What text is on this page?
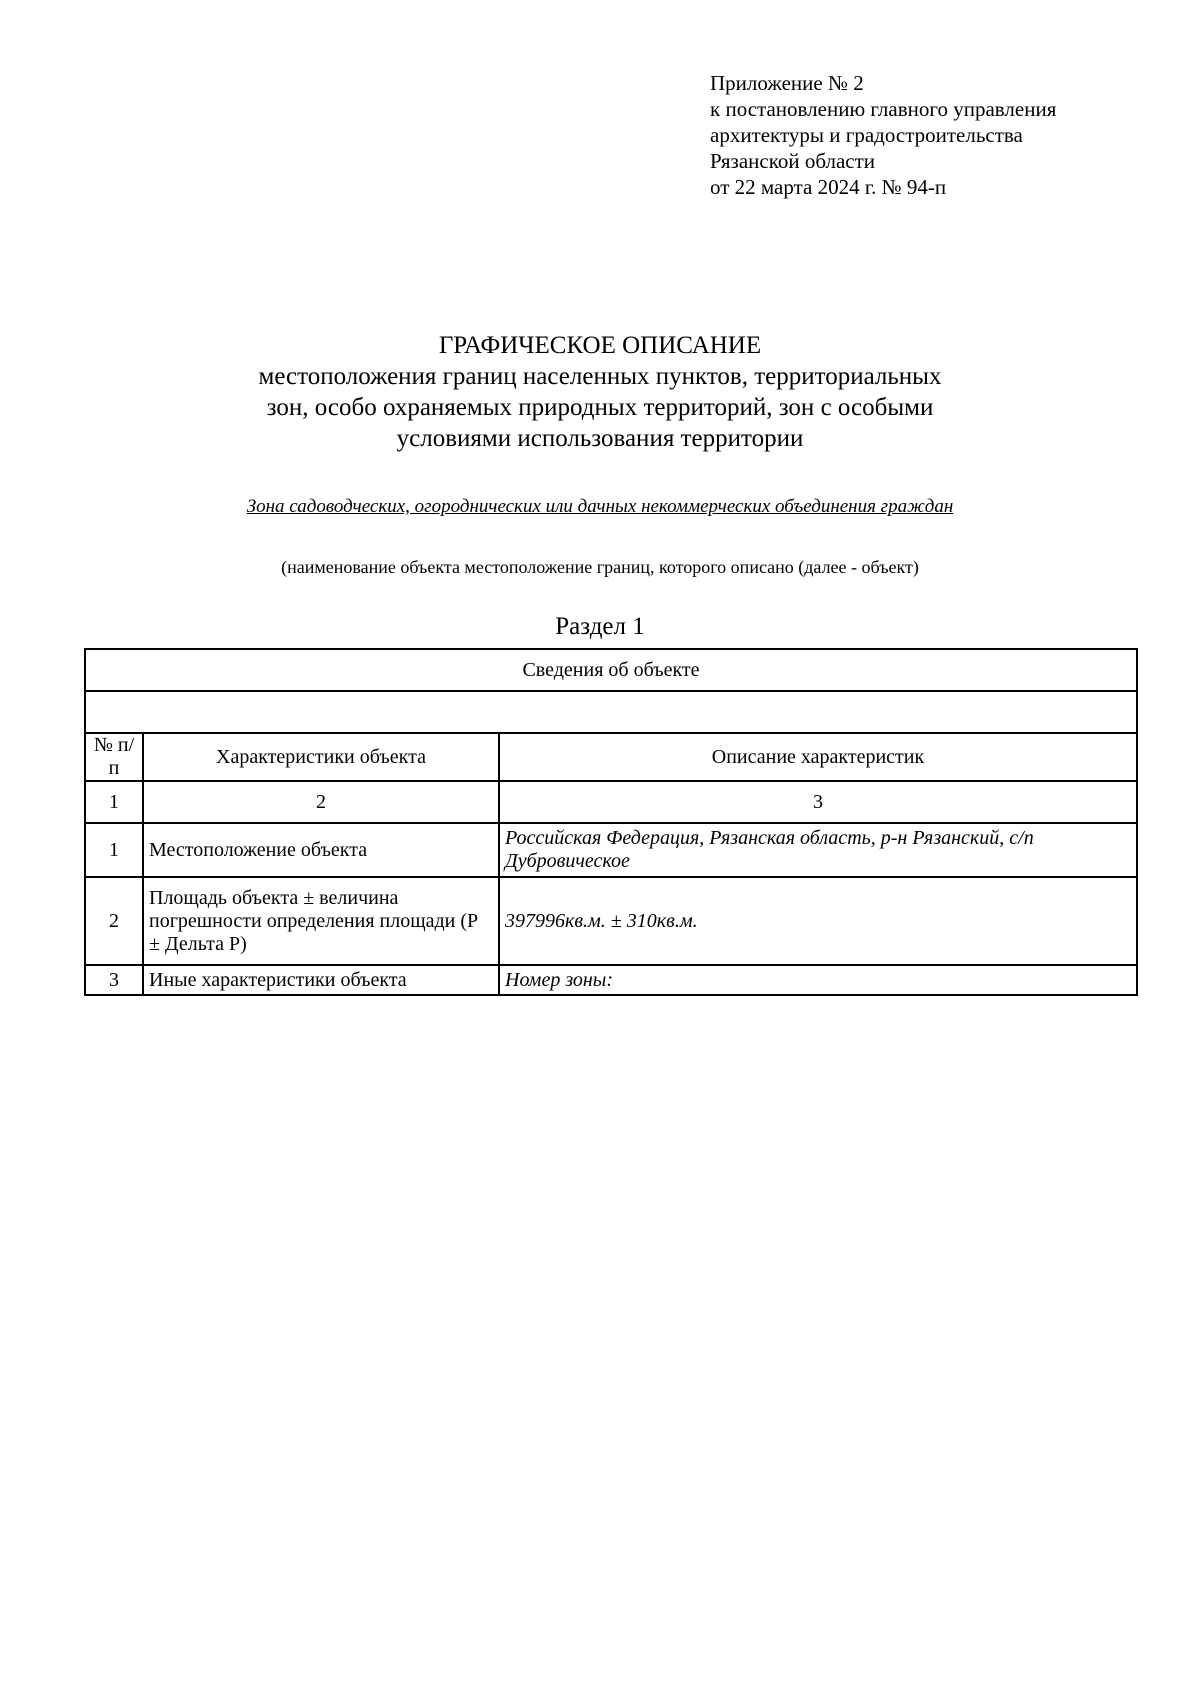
Приложение № 2
к постановлению главного управления
архитектуры и градостроительства
Рязанской области
от 22 марта 2024 г. № 94-п
ГРАФИЧЕСКОЕ ОПИСАНИЕ
местоположения границ населенных пунктов, территориальных
зон, особо охраняемых природных территорий, зон с особыми
условиями использования территории
Зона садоводческих, огороднических или дачных некоммерческих объединения граждан
(наименование объекта местоположение границ, которого описано (далее - объект)
Раздел 1
Сведения об объекте		

№ п/п	Характеристики объекта	Описание характеристик
1	2	3
1	Местоположение объекта	Российская Федерация, Рязанская область, р-н Рязанский, с/п Дубровическое
2	Площадь объекта ± величина погрешности определения площади (P ± Дельта P)	397996кв.м. ± 310кв.м.
3	Иные характеристики объекта	Номер зоны:
